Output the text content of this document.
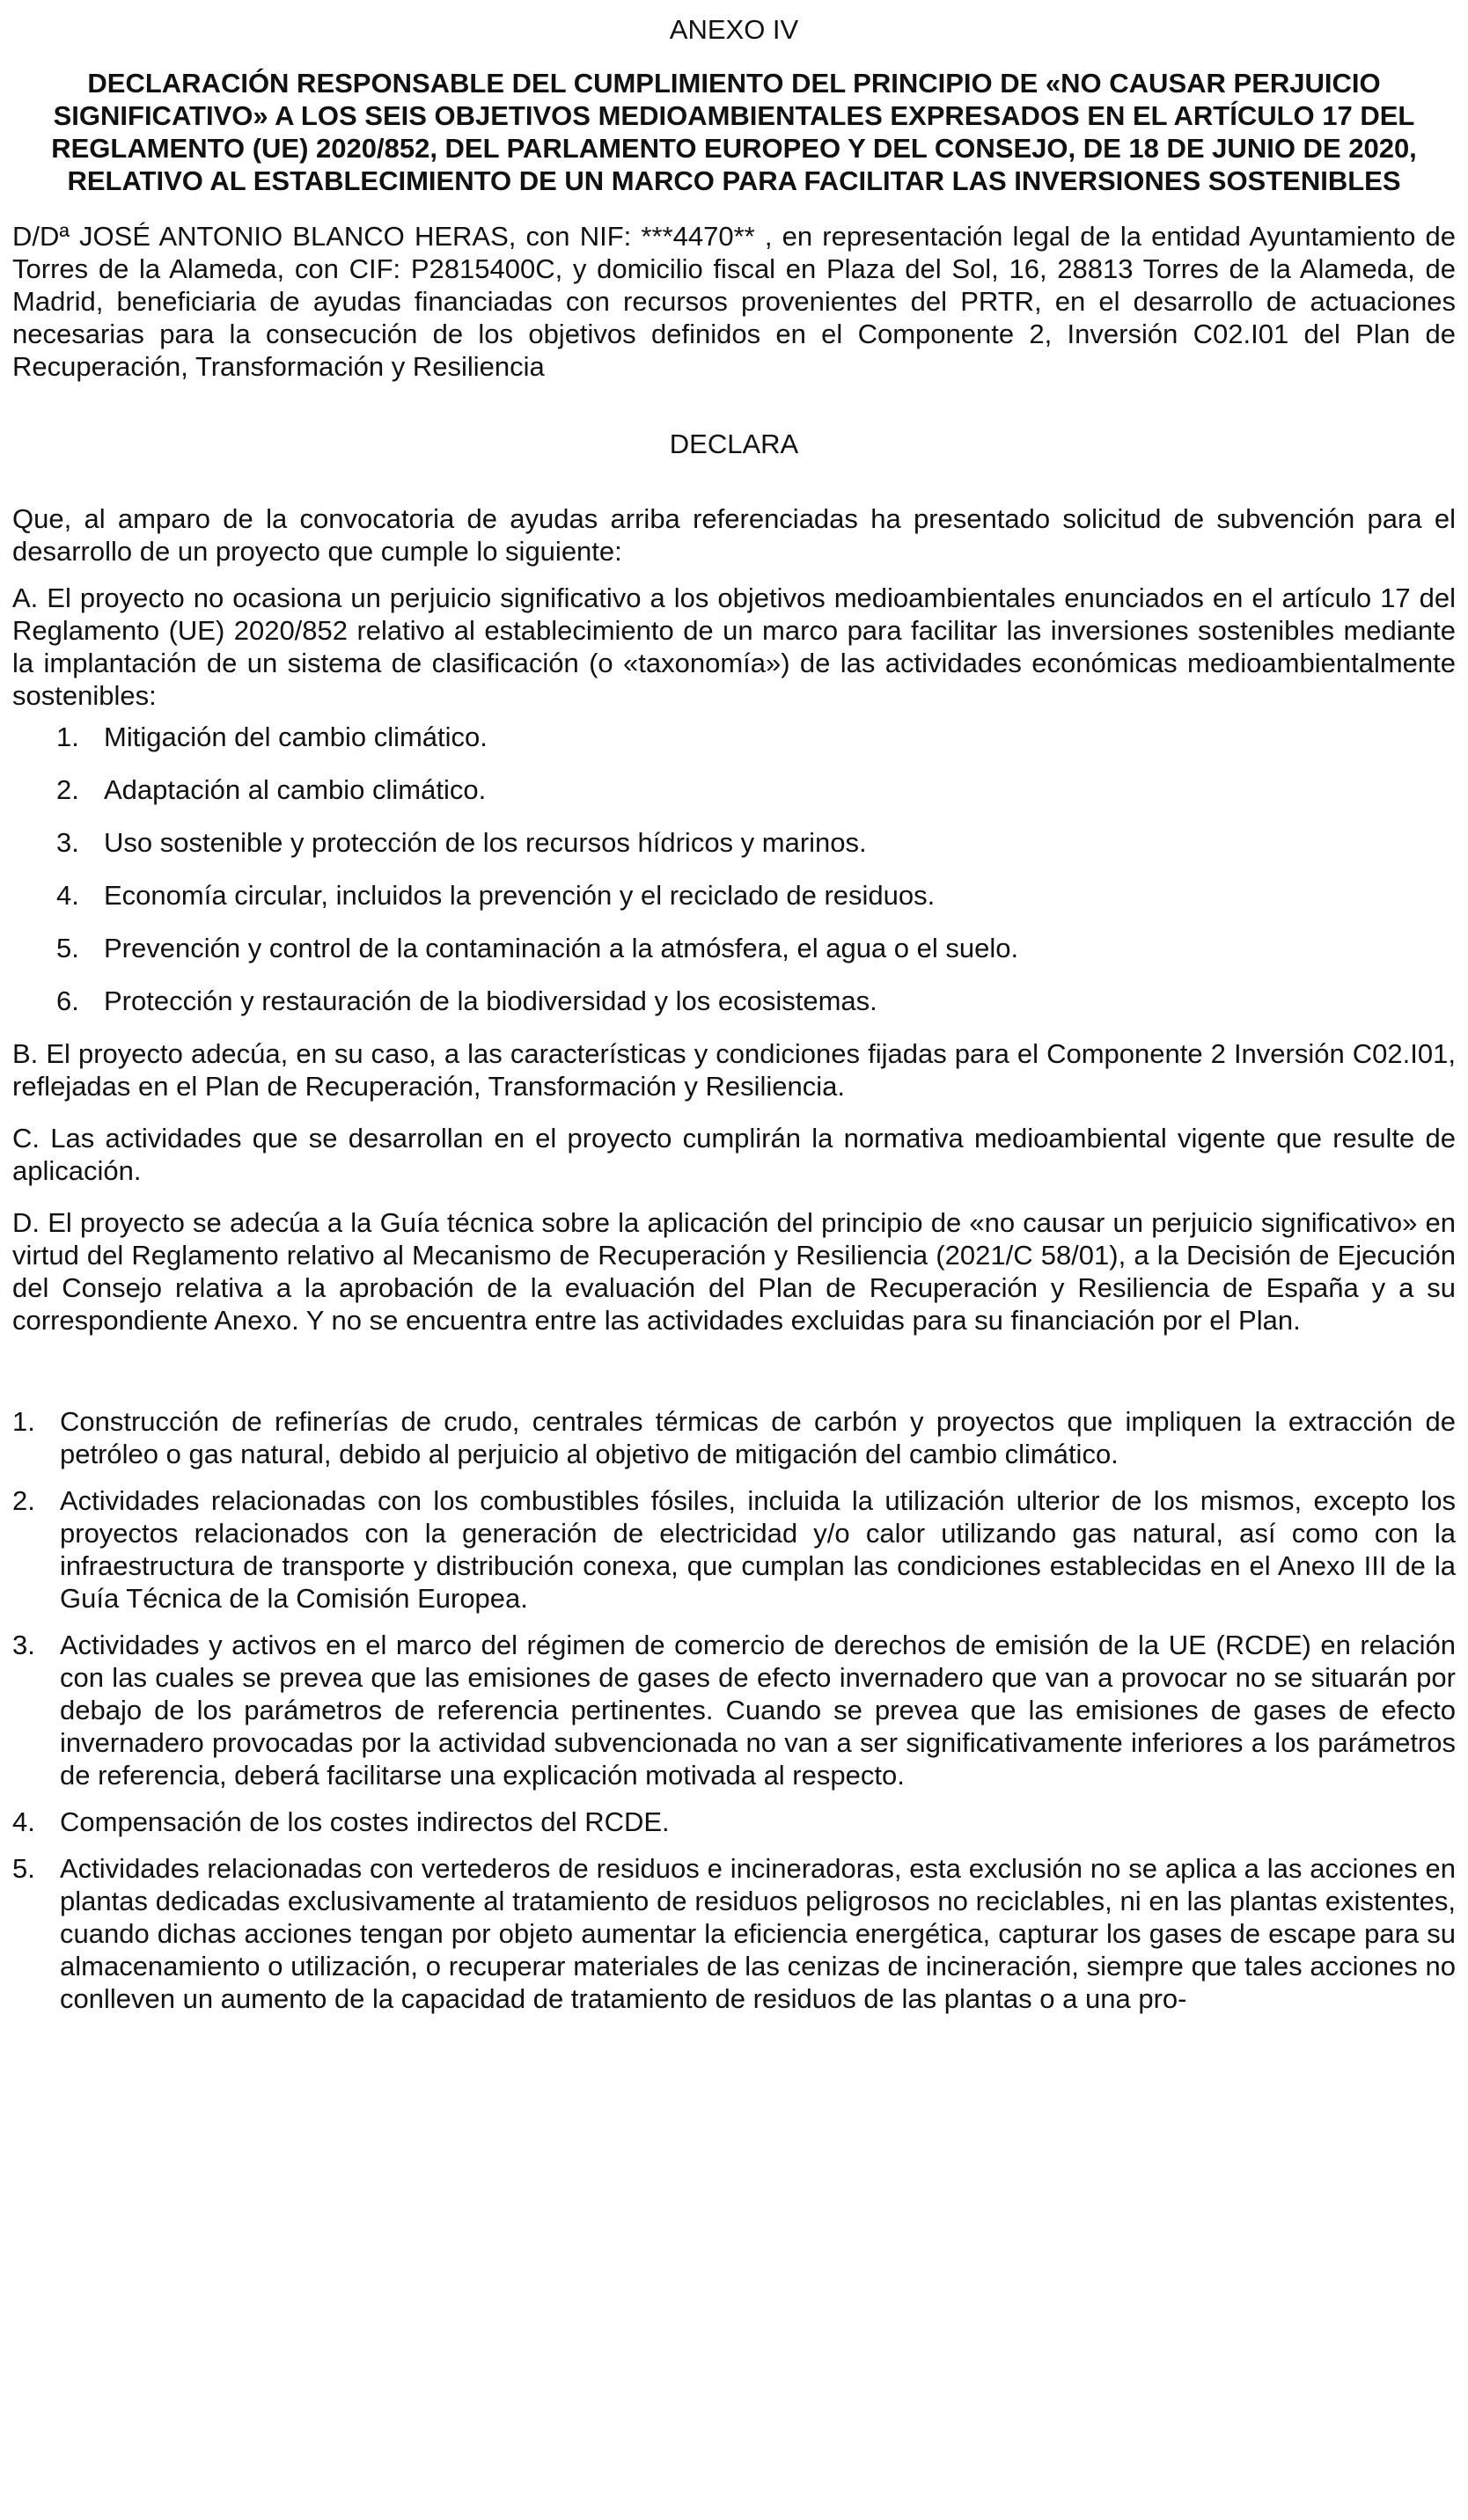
ANEXO IV
DECLARACIÓN RESPONSABLE DEL CUMPLIMIENTO DEL PRINCIPIO DE «NO CAUSAR PERJUICIO SIGNIFICATIVO» A LOS SEIS OBJETIVOS MEDIOAMBIENTALES EXPRESADOS EN EL ARTÍCULO 17 DEL REGLAMENTO (UE) 2020/852, DEL PARLAMENTO EUROPEO Y DEL CONSEJO, DE 18 DE JUNIO DE 2020, RELATIVO AL ESTABLECIMIENTO DE UN MARCO PARA FACILITAR LAS INVERSIONES SOSTENIBLES

D/Dª JOSÉ ANTONIO BLANCO HERAS, con NIF: ***4470** , en representación legal de la entidad Ayuntamiento de Torres de la Alameda, con CIF: P2815400C, y domicilio fiscal en Plaza del Sol, 16, 28813 Torres de la Alameda, de Madrid, beneficiaria de ayudas financiadas con recursos provenientes del PRTR, en el desarrollo de actuaciones necesarias para la consecución de los objetivos definidos en el Componente 2, Inversión C02.I01 del Plan de Recuperación, Transformación y Resiliencia

DECLARA

Que, al amparo de la convocatoria de ayudas arriba referenciadas ha presentado solicitud de subvención para el desarrollo de un proyecto que cumple lo siguiente:

A. El proyecto no ocasiona un perjuicio significativo a los objetivos medioambientales enunciados en el artículo 17 del Reglamento (UE) 2020/852 relativo al establecimiento de un marco para facilitar las inversiones sostenibles mediante la implantación de un sistema de clasificación (o «taxonomía») de las actividades económicas medioambientalmente sostenibles:

1. Mitigación del cambio climático.
2. Adaptación al cambio climático.
3. Uso sostenible y protección de los recursos hídricos y marinos.
4. Economía circular, incluidos la prevención y el reciclado de residuos.
5. Prevención y control de la contaminación a la atmósfera, el agua o el suelo.
6. Protección y restauración de la biodiversidad y los ecosistemas.

B. El proyecto adecúa, en su caso, a las características y condiciones fijadas para el Componente 2 Inversión C02.I01, reflejadas en el Plan de Recuperación, Transformación y Resiliencia.

C. Las actividades que se desarrollan en el proyecto cumplirán la normativa medioambiental vigente que resulte de aplicación.

D. El proyecto se adecúa a la Guía técnica sobre la aplicación del principio de «no causar un perjuicio significativo» en virtud del Reglamento relativo al Mecanismo de Recuperación y Resiliencia (2021/C 58/01), a la Decisión de Ejecución del Consejo relativa a la aprobación de la evaluación del Plan de Recuperación y Resiliencia de España y a su correspondiente Anexo. Y no se encuentra entre las actividades excluidas para su financiación por el Plan.

1. Construcción de refinerías de crudo, centrales térmicas de carbón y proyectos que impliquen la extracción de petróleo o gas natural, debido al perjuicio al objetivo de mitigación del cambio climático.
2. Actividades relacionadas con los combustibles fósiles, incluida la utilización ulterior de los mismos, excepto los proyectos relacionados con la generación de electricidad y/o calor utilizando gas natural, así como con la infraestructura de transporte y distribución conexa, que cumplan las condiciones establecidas en el Anexo III de la Guía Técnica de la Comisión Europea.
3. Actividades y activos en el marco del régimen de comercio de derechos de emisión de la UE (RCDE) en relación con las cuales se prevea que las emisiones de gases de efecto invernadero que van a provocar no se situarán por debajo de los parámetros de referencia pertinentes. Cuando se prevea que las emisiones de gases de efecto invernadero provocadas por la actividad subvencionada no van a ser significativamente inferiores a los parámetros de referencia, deberá facilitarse una explicación motivada al respecto.
4. Compensación de los costes indirectos del RCDE.
5. Actividades relacionadas con vertederos de residuos e incineradoras, esta exclusión no se aplica a las acciones en plantas dedicadas exclusivamente al tratamiento de residuos peligrosos no reciclables, ni en las plantas existentes, cuando dichas acciones tengan por objeto aumentar la eficiencia energética, capturar los gases de escape para su almacenamiento o utilización, o recuperar materiales de las cenizas de incineración, siempre que tales acciones no conlleven un aumento de la capacidad de tratamiento de residuos de las plantas o a una pro-
